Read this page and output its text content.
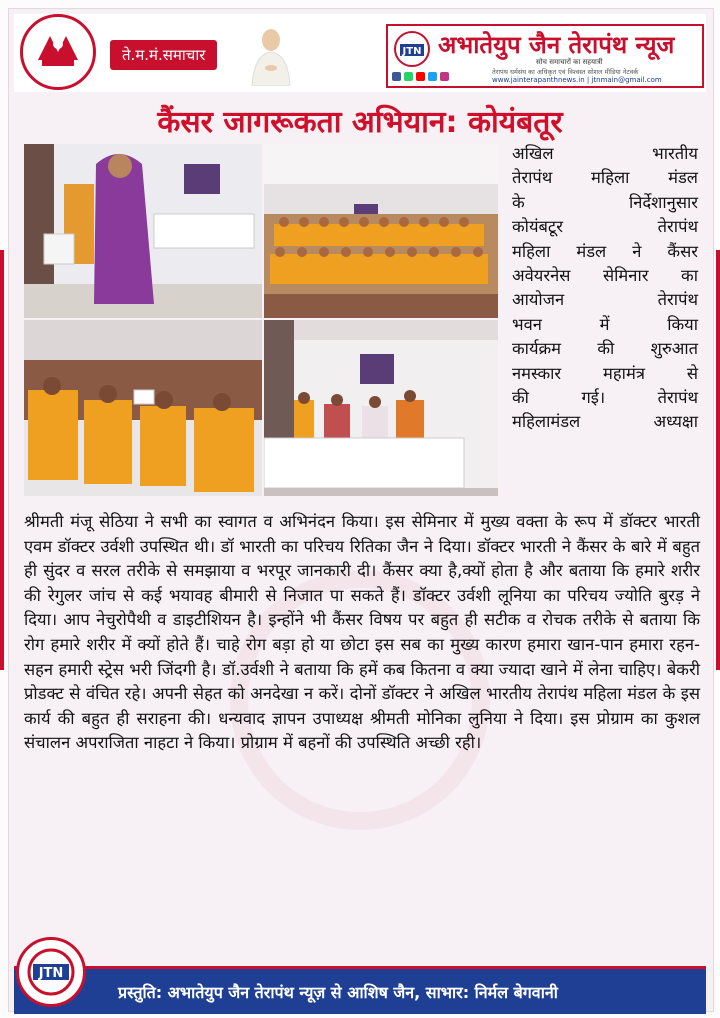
ते.म.मं.समाचार	JTN अभातेयुप जैन तेरापंथ न्यूज
सोच समाचारों का सहयात्री
तेरापंथ धर्मसंघ का अधिकृत एवं विश्वस्त सोशल मीडिया नेटवर्क
www.jainterapanthnews.in | jtnmain@gmail.com
कैंसर जागरूकता अभियान: कोयंबतूर
अखिल भारतीय
तेरापंथ महिला मंडल
के निर्देशानुसार
कोयंबटूर तेरापंथ
महिला मंडल ने कैंसर
अवेयरनेस सेमिनार का
आयोजन तेरापंथ
भवन में किया
कार्यक्रम की शुरुआत
नमस्कार महामंत्र से
की गई। तेरापंथ
महिलामंडल अध्यक्षा
श्रीमती मंजू सेठिया ने सभी का स्वागत व अभिनंदन किया। इस सेमिनार में मुख्य वक्ता के रूप में डॉक्टर भारती एवम डॉक्टर उर्वशी उपस्थित थी। डॉ भारती का परिचय रितिका जैन ने दिया। डॉक्टर भारती ने कैंसर के बारे में बहुत ही सुंदर व सरल तरीके से समझाया व भरपूर जानकारी दी। कैंसर क्या है,क्यों होता है और बताया कि हमारे शरीर की रेगुलर जांच से कई भयावह बीमारी से निजात पा सकते हैं। डॉक्टर उर्वशी लूनिया का परिचय ज्योति बुरड़ ने दिया। आप नेचुरोपैथी व डाइटीशियन है। इन्होंने भी कैंसर विषय पर बहुत ही सटीक व रोचक तरीके से बताया कि रोग हमारे शरीर में क्यों होते हैं। चाहे रोग बड़ा हो या छोटा इस सब का मुख्य कारण हमारा खान-पान हमारा रहन-सहन हमारी स्ट्रेस भरी जिंदगी है। डॉ.उर्वशी ने बताया कि हमें कब कितना व क्या ज्यादा खाने में लेना चाहिए। बेकरी प्रोडक्ट से वंचित रहे। अपनी सेहत को अनदेखा न करें। दोनों डॉक्टर ने अखिल भारतीय तेरापंथ महिला मंडल के इस कार्य की बहुत ही सराहना की। धन्यवाद ज्ञापन उपाध्यक्ष श्रीमती मोनिका लुनिया ने दिया। इस प्रोग्राम का कुशल संचालन अपराजिता नाहटा ने किया। प्रोग्राम में बहनों की उपस्थिति अच्छी रही।
JTN
प्रस्तुति: अभातेयुप जैन तेरापंथ न्यूज़ से आशिष जैन, साभार: निर्मल बेगवानी
